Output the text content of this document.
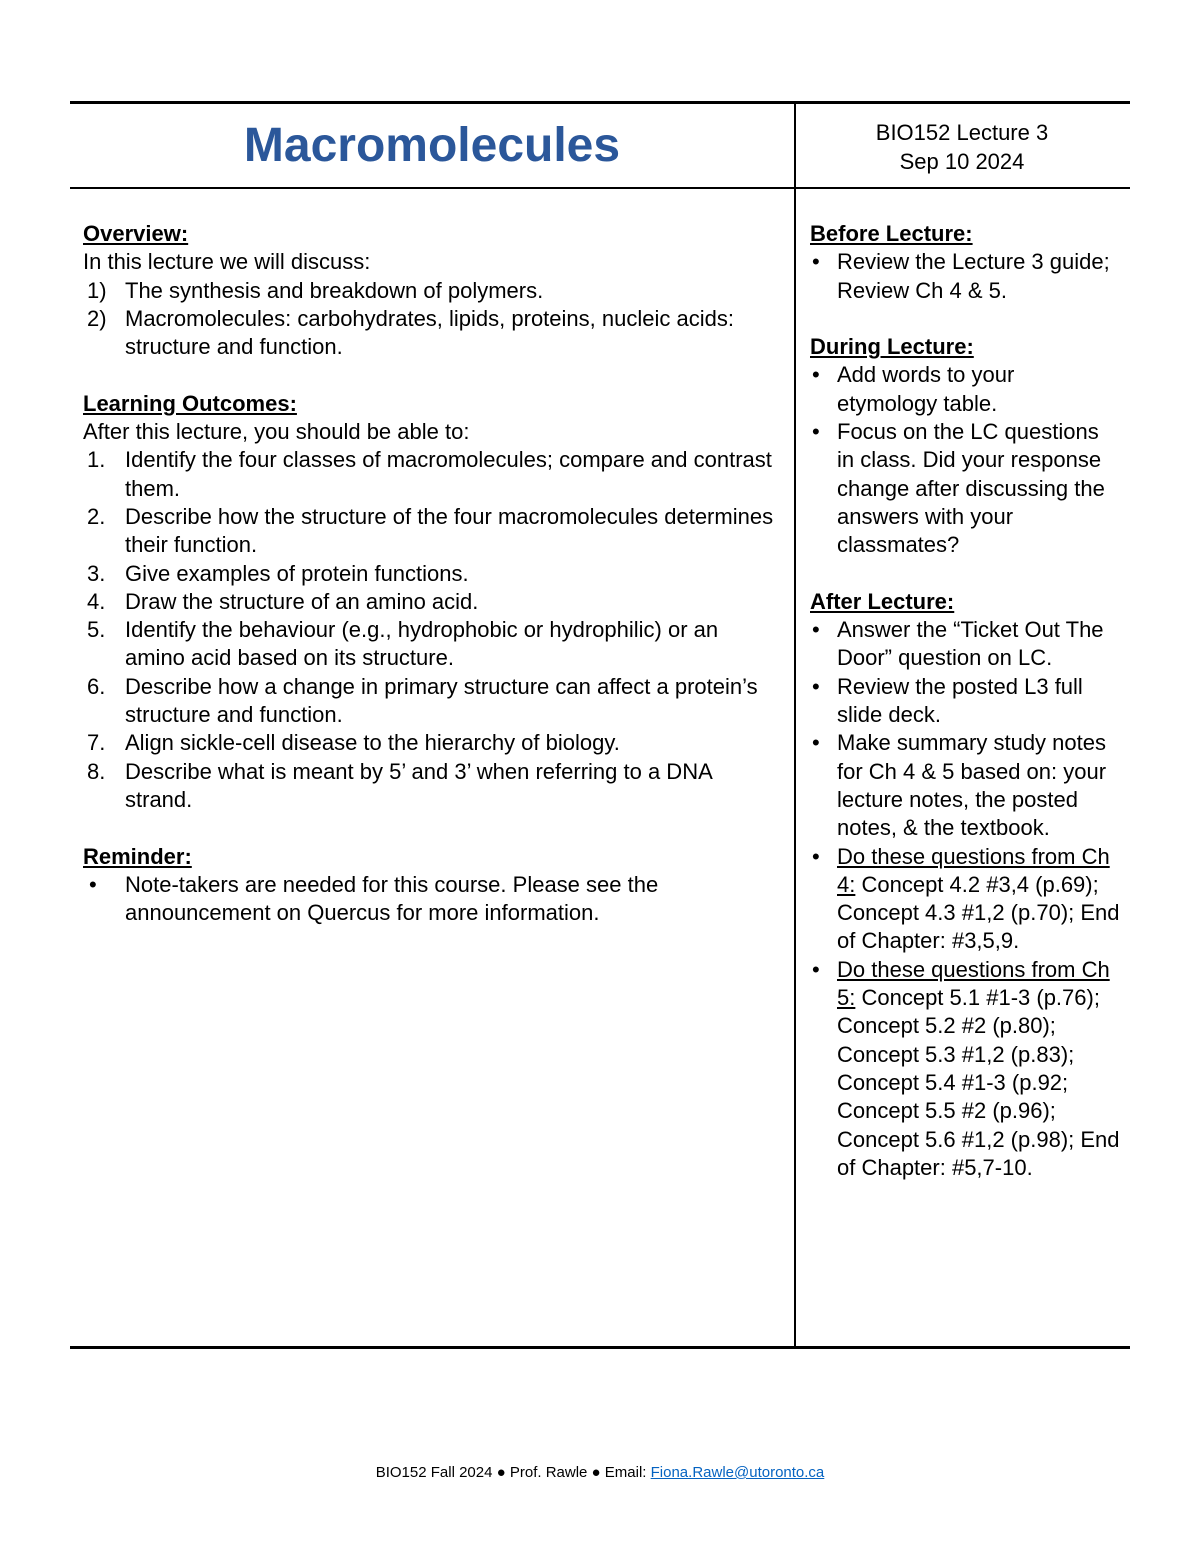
Macromolecules	BIO152 Lecture 3
Sep 10 2024
Overview:
In this lecture we will discuss:
1) The synthesis and breakdown of polymers.
2) Macromolecules: carbohydrates, lipids, proteins, nucleic acids: structure and function.
Learning Outcomes:
After this lecture, you should be able to:
1. Identify the four classes of macromolecules; compare and contrast them.
2. Describe how the structure of the four macromolecules determines their function.
3. Give examples of protein functions.
4. Draw the structure of an amino acid.
5. Identify the behaviour (e.g., hydrophobic or hydrophilic) or an amino acid based on its structure.
6. Describe how a change in primary structure can affect a protein’s structure and function.
7. Align sickle-cell disease to the hierarchy of biology.
8. Describe what is meant by 5’ and 3’ when referring to a DNA strand.
Reminder:
• Note-takers are needed for this course. Please see the announcement on Quercus for more information.
Before Lecture:
• Review the Lecture 3 guide; Review Ch 4 & 5.
During Lecture:
• Add words to your etymology table.
• Focus on the LC questions in class. Did your response change after discussing the answers with your classmates?
After Lecture:
• Answer the “Ticket Out The Door” question on LC.
• Review the posted L3 full slide deck.
• Make summary study notes for Ch 4 & 5 based on: your lecture notes, the posted notes, & the textbook.
• Do these questions from Ch 4: Concept 4.2 #3,4 (p.69); Concept 4.3 #1,2 (p.70); End of Chapter: #3,5,9.
• Do these questions from Ch 5: Concept 5.1 #1-3 (p.76); Concept 5.2 #2 (p.80); Concept 5.3 #1,2 (p.83); Concept 5.4 #1-3 (p.92; Concept 5.5 #2 (p.96); Concept 5.6 #1,2 (p.98); End of Chapter: #5,7-10.
BIO152 Fall 2024 ● Prof. Rawle ● Email: Fiona.Rawle@utoronto.ca
